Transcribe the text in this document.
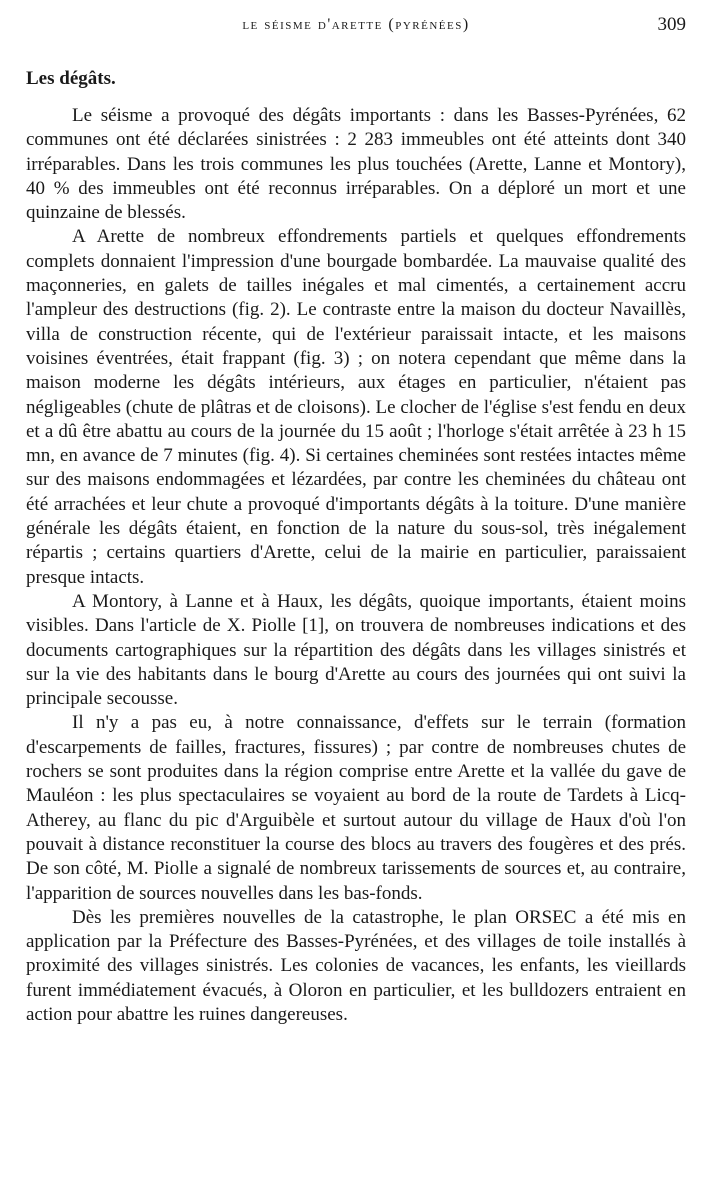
le séisme d'arette (pyrénées)	309
Les dégâts.

Le séisme a provoqué des dégâts importants : dans les Basses-Pyrénées, 62 communes ont été déclarées sinistrées : 2 283 immeubles ont été atteints dont 340 irréparables. Dans les trois communes les plus touchées (Arette, Lanne et Montory), 40 % des immeubles ont été reconnus irréparables. On a déploré un mort et une quinzaine de blessés.

A Arette de nombreux effondrements partiels et quelques effondrements complets donnaient l'impression d'une bourgade bombardée. La mauvaise qualité des maçonneries, en galets de tailles inégales et mal cimentés, a certainement accru l'ampleur des destructions (fig. 2). Le contraste entre la maison du docteur Navaillès, villa de construction récente, qui de l'extérieur paraissait intacte, et les maisons voisines éventrées, était frappant (fig. 3) ; on notera cependant que même dans la maison moderne les dégâts intérieurs, aux étages en particulier, n'étaient pas négligeables (chute de plâtras et de cloisons). Le clocher de l'église s'est fendu en deux et a dû être abattu au cours de la journée du 15 août ; l'horloge s'était arrêtée à 23 h 15 mn, en avance de 7 minutes (fig. 4). Si certaines cheminées sont restées intactes même sur des maisons endommagées et lézardées, par contre les cheminées du château ont été arrachées et leur chute a provoqué d'importants dégâts à la toiture. D'une manière générale les dégâts étaient, en fonction de la nature du sous-sol, très inégalement répartis ; certains quartiers d'Arette, celui de la mairie en particulier, paraissaient presque intacts.

A Montory, à Lanne et à Haux, les dégâts, quoique importants, étaient moins visibles. Dans l'article de X. Piolle [1], on trouvera de nombreuses indications et des documents cartographiques sur la répartition des dégâts dans les villages sinistrés et sur la vie des habitants dans le bourg d'Arette au cours des journées qui ont suivi la principale secousse.

Il n'y a pas eu, à notre connaissance, d'effets sur le terrain (formation d'escarpements de failles, fractures, fissures) ; par contre de nombreuses chutes de rochers se sont produites dans la région comprise entre Arette et la vallée du gave de Mauléon : les plus spectaculaires se voyaient au bord de la route de Tardets à Licq-Atherey, au flanc du pic d'Arguibèle et surtout autour du village de Haux d'où l'on pouvait à distance reconstituer la course des blocs au travers des fougères et des prés. De son côté, M. Piolle a signalé de nombreux tarissements de sources et, au contraire, l'apparition de sources nouvelles dans les bas-fonds.

Dès les premières nouvelles de la catastrophe, le plan ORSEC a été mis en application par la Préfecture des Basses-Pyrénées, et des villages de toile installés à proximité des villages sinistrés. Les colonies de vacances, les enfants, les vieillards furent immédiatement évacués, à Oloron en particulier, et les bulldozers entraient en action pour abattre les ruines dangereuses.
